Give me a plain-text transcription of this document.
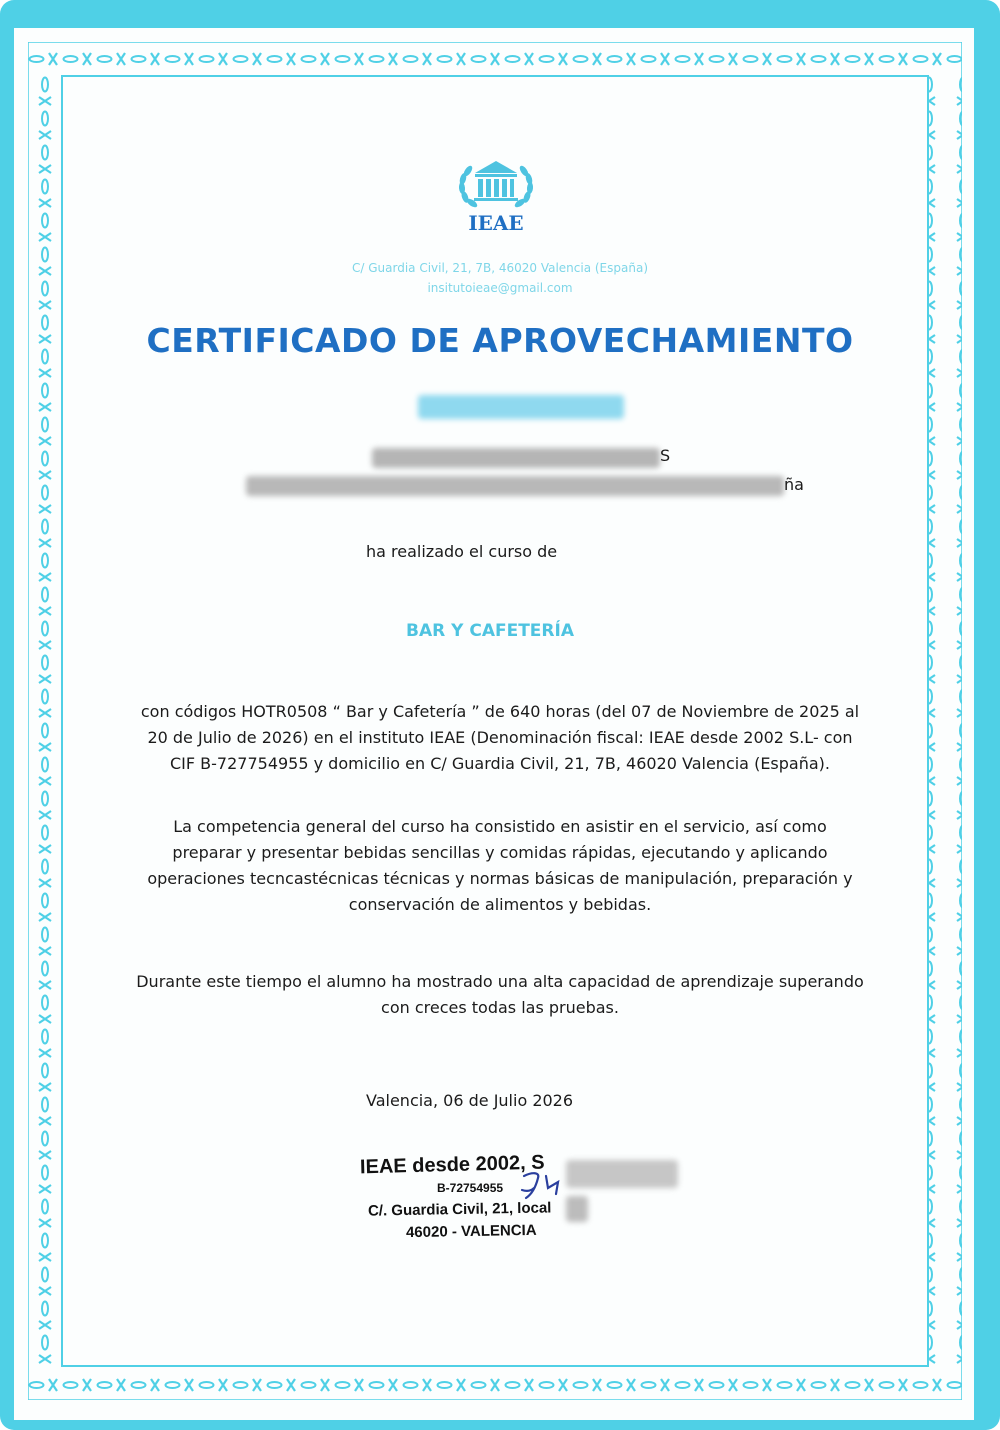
IEAE
C/ Guardia Civil, 21, 7B, 46020 Valencia (España)
insitutoieae@gmail.com
CERTIFICADO DE APROVECHAMIENTO
S
ña
ha realizado el curso de
BAR Y CAFETERÍA
con códigos HOTR0508 “ Bar y Cafetería ” de 640 horas (del 07 de Noviembre de 2025 al
20 de Julio de 2026) en el instituto IEAE (Denominación fiscal: IEAE desde 2002 S.L- con
CIF B-727754955 y domicilio en C/ Guardia Civil, 21, 7B, 46020 Valencia (España).
La competencia general del curso ha consistido en asistir en el servicio, así como
preparar y presentar bebidas sencillas y comidas rápidas, ejecutando y aplicando
operaciones tecncastécnicas técnicas y normas básicas de manipulación, preparación y
conservación de alimentos y bebidas.
Durante este tiempo el alumno ha mostrado una alta capacidad de aprendizaje superando
con creces todas las pruebas.
Valencia, 06 de Julio 2026
IEAE desde 2002, S
B-72754955
C/. Guardia Civil, 21, local
46020 - VALENCIA
